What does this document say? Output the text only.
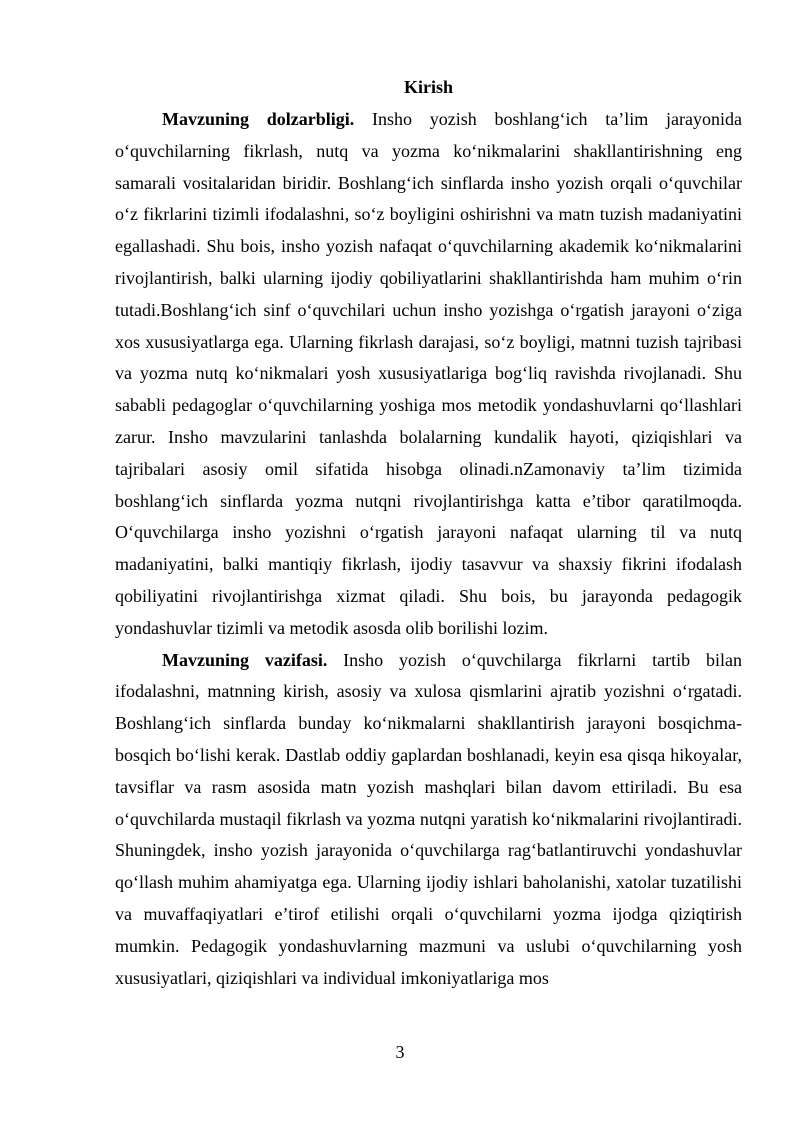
Kirish

Mavzuning dolzarbligi. Insho yozish boshlang‘ich ta’lim jarayonida o‘quvchilarning fikrlash, nutq va yozma ko‘nikmalarini shakllantirishning eng samarali vositalaridan biridir. Boshlang‘ich sinflarda insho yozish orqali o‘quvchilar o‘z fikrlarini tizimli ifodalashni, so‘z boyligini oshirishni va matn tuzish madaniyatini egallashadi. Shu bois, insho yozish nafaqat o‘quvchilarning akademik ko‘nikmalarini rivojlantirish, balki ularning ijodiy qobiliyatlarini shakllantirishda ham muhim o‘rin tutadi.Boshlang‘ich sinf o‘quvchilari uchun insho yozishga o‘rgatish jarayoni o‘ziga xos xususiyatlarga ega. Ularning fikrlash darajasi, so‘z boyligi, matnni tuzish tajribasi va yozma nutq ko‘nikmalari yosh xususiyatlariga bog‘liq ravishda rivojlanadi. Shu sababli pedagoglar o‘quvchilarning yoshiga mos metodik yondashuvlarni qo‘llashlari zarur. Insho mavzularini tanlashda bolalarning kundalik hayoti, qiziqishlari va tajribalari asosiy omil sifatida hisobga olinadi.nZamonaviy ta’lim tizimida boshlang‘ich sinflarda yozma nutqni rivojlantirishga katta e’tibor qaratilmoqda. O‘quvchilarga insho yozishni o‘rgatish jarayoni nafaqat ularning til va nutq madaniyatini, balki mantiqiy fikrlash, ijodiy tasavvur va shaxsiy fikrini ifodalash qobiliyatini rivojlantirishga xizmat qiladi. Shu bois, bu jarayonda pedagogik yondashuvlar tizimli va metodik asosda olib borilishi lozim.

Mavzuning vazifasi. Insho yozish o‘quvchilarga fikrlarni tartib bilan ifodalashni, matnning kirish, asosiy va xulosa qismlarini ajratib yozishni o‘rgatadi. Boshlang‘ich sinflarda bunday ko‘nikmalarni shakllantirish jarayoni bosqichma-bosqich bo‘lishi kerak. Dastlab oddiy gaplardan boshlanadi, keyin esa qisqa hikoyalar, tavsiflar va rasm asosida matn yozish mashqlari bilan davom ettiriladi. Bu esa o‘quvchilarda mustaqil fikrlash va yozma nutqni yaratish ko‘nikmalarini rivojlantiradi. Shuningdek, insho yozish jarayonida o‘quvchilarga rag‘batlantiruvchi yondashuvlar qo‘llash muhim ahamiyatga ega. Ularning ijodiy ishlari baholanishi, xatolar tuzatilishi va muvaffaqiyatlari e’tirof etilishi orqali o‘quvchilarni yozma ijodga qiziqtirish mumkin. Pedagogik yondashuvlarning mazmuni va uslubi o‘quvchilarning yosh xususiyatlari, qiziqishlari va individual imkoniyatlariga mos

3
